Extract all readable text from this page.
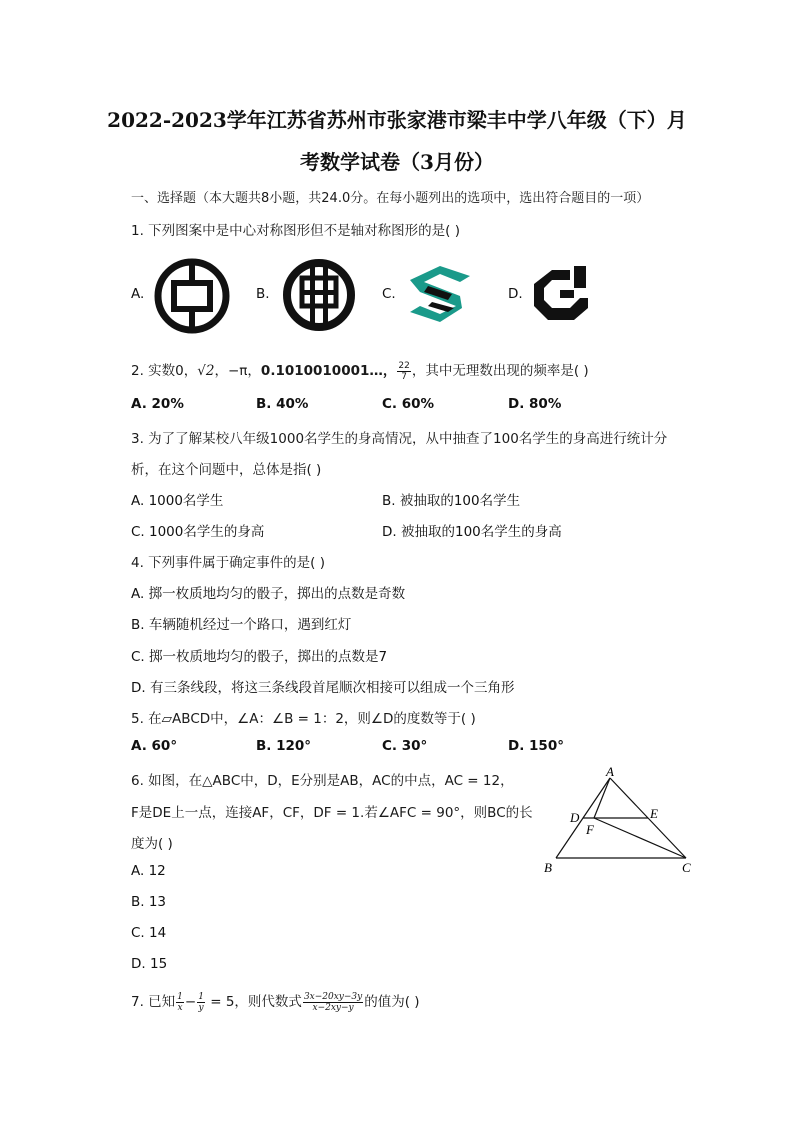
2022-2023学年江苏省苏州市张家港市梁丰中学八年级（下）月
考数学试卷（3月份）
一、选择题（本大题共8小题，共24.0分。在每小题列出的选项中，选出符合题目的一项）
1. 下列图案中是中心对称图形但不是轴对称图形的是( )
A.	B.	C.	D.
2. 实数0，√2，−π，0.1010010001…， $\frac{22}{7}$ ，其中无理数出现的频率是( )
A. 20%	B. 40%	C. 60%	D. 80%
3. 为了了解某校八年级1000名学生的身高情况，从中抽查了100名学生的身高进行统计分
析，在这个问题中，总体是指( )
A. 1000名学生	B. 被抽取的100名学生
C. 1000名学生的身高	D. 被抽取的100名学生的身高
4. 下列事件属于确定事件的是( )
A. 掷一枚质地均匀的骰子，掷出的点数是奇数
B. 车辆随机经过一个路口，遇到红灯
C. 掷一枚质地均匀的骰子，掷出的点数是7
D. 有三条线段，将这三条线段首尾顺次相接可以组成一个三角形
5. 在▱ABCD中，∠A：∠B = 1：2，则∠D的度数等于( )
A. 60°	B. 120°	C. 30°	D. 150°
6. 如图，在△ABC中，D，E分别是AB，AC的中点，AC = 12，
F是DE上一点，连接AF，CF，DF = 1.若∠AFC = 90°，则BC的长
度为( )
A. 12
B. 13
C. 14
D. 15
A
D	E
F
B	C
7. 已知 $\frac{1}{x} - \frac{1}{y} = 5$，则代数式 $\frac{3x-20xy-3y}{x-2xy-y}$ 的值为( )
